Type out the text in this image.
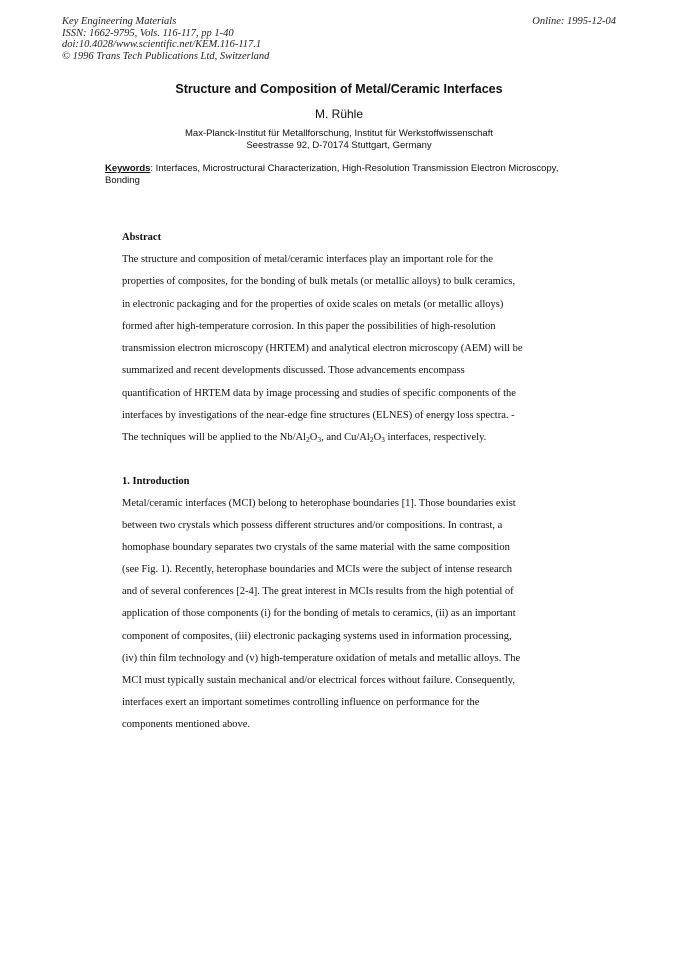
Key Engineering Materials
ISSN: 1662-9795, Vols. 116-117, pp 1-40
doi:10.4028/www.scientific.net/KEM.116-117.1
© 1996 Trans Tech Publications Ltd, Switzerland
Online: 1995-12-04
Structure and Composition of Metal/Ceramic Interfaces
M. Rühle
Max-Planck-Institut für Metallforschung, Institut für Werkstoffwissenschaft
Seestrasse 92, D-70174 Stuttgart, Germany
Keywords: Interfaces, Microstructural Characterization, High-Resolution Transmission Electron Microscopy, Bonding
Abstract
The structure and composition of metal/ceramic interfaces play an important role for the
properties of composites, for the bonding of bulk metals (or metallic alloys) to bulk ceramics,
in electronic packaging and for the properties of oxide scales on metals (or metallic alloys)
formed after high-temperature corrosion. In this paper the possibilities of high-resolution
transmission electron microscopy (HRTEM) and analytical electron microscopy (AEM) will be
summarized and recent developments discussed. Those advancements encompass
quantification of HRTEM data by image processing and studies of specific components of the
interfaces by investigations of the near-edge fine structures (ELNES) of energy loss spectra. -
The techniques will be applied to the $Nb/Al_2O_3$, and $Cu/Al_2O_3$ interfaces, respectively.
1. Introduction
Metal/ceramic interfaces (MCI) belong to heterophase boundaries [1]. Those boundaries exist
between two crystals which possess different structures and/or compositions. In contrast, a
homophase boundary separates two crystals of the same material with the same composition
(see Fig. 1). Recently, heterophase boundaries and MCIs were the subject of intense research
and of several conferences [2-4]. The great interest in MCIs results from the high potential of
application of those components (i) for the bonding of metals to ceramics, (ii) as an important
component of composites, (iii) electronic packaging systems used in information processing,
(iv) thin film technology and (v) high-temperature oxidation of metals and metallic alloys. The
MCI must typically sustain mechanical and/or electrical forces without failure. Consequently,
interfaces exert an important sometimes controlling influence on performance for the
components mentioned above.
